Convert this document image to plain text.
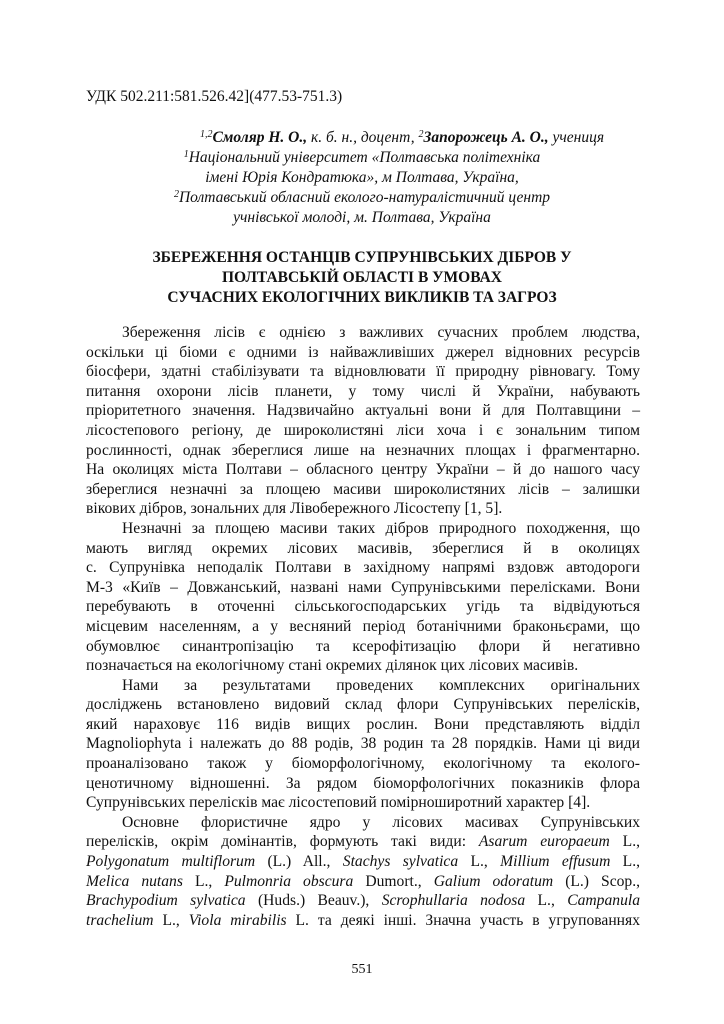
УДК 502.211:581.526.42](477.53-751.3)
$^{1,2}$Смоляр Н. О., к. б. н., доцент, $^2$Запорожець А. О., учениця
$^1$Національний університет «Полтавська політехніка
імені Юрія Кондратюка», м Полтава, Україна,
$^2$Полтавський обласний еколого-натуралістичний центр
учнівської молоді, м. Полтава, Україна
ЗБЕРЕЖЕННЯ ОСТАНЦІВ СУПРУНІВСЬКИХ ДІБРОВ У
ПОЛТАВСЬКІЙ ОБЛАСТІ В УМОВАХ
СУЧАСНИХ ЕКОЛОГІЧНИХ ВИКЛИКІВ ТА ЗАГРОЗ
Збереження лісів є однією з важливих сучасних проблем людства,
оскільки ці біоми є одними із найважливіших джерел відновних ресурсів
біосфери, здатні стабілізувати та відновлювати її природну рівновагу. Тому
питання охорони лісів планети, у тому числі й України, набувають
пріоритетного значення. Надзвичайно актуальні вони й для Полтавщини –
лісостепового регіону, де широколистяні ліси хоча і є зональним типом
рослинності, однак збереглися лише на незначних площах і фрагментарно.
На околицях міста Полтави – обласного центру України – й до нашого часу
збереглися незначні за площею масиви широколистяних лісів – залишки
вікових дібров, зональних для Лівобережного Лісостепу [1, 5].
Незначні за площею масиви таких дібров природного походження, що
мають вигляд окремих лісових масивів, збереглися й в околицях
с. Супрунівка неподалік Полтави в західному напрямі вздовж автодороги
М-3 «Київ – Довжанський, названі нами Супрунівськими перелісками. Вони
перебувають в оточенні сільськогосподарських угідь та відвідуються
місцевим населенням, а у весняний період ботанічними браконьєрами, що
обумовлює синантропізацію та ксерофітизацію флори й негативно
позначається на екологічному стані окремих ділянок цих лісових масивів.
Нами за результатами проведених комплексних оригінальних
досліджень встановлено видовий склад флори Супрунівських перелісків,
який нараховує 116 видів вищих рослин. Вони представляють відділ
Magnoliophyta і належать до 88 родів, 38 родин та 28 порядків. Нами ці види
проаналізовано також у біоморфологічному, екологічному та еколого-
ценотичному відношенні. За рядом біоморфологічних показників флора
Супрунівських перелісків має лісостеповий помірноширотний характер [4].
Основне флористичне ядро у лісових масивах Супрунівських
перелісків, окрім домінантів, формують такі види: Asarum europaeum L.,
Polygonatum multiflorum (L.) All., Stachys sylvatica L., Millium effusum L.,
Melica nutans L., Pulmonria obscura Dumort., Galium odoratum (L.) Scop.,
Brachypodium sylvatica (Huds.) Beauv.), Scrophullaria nodosa L., Campanula
trachelium L., Viola mirabilis L. та деякі інші. Значна участь в угрупованнях
551
